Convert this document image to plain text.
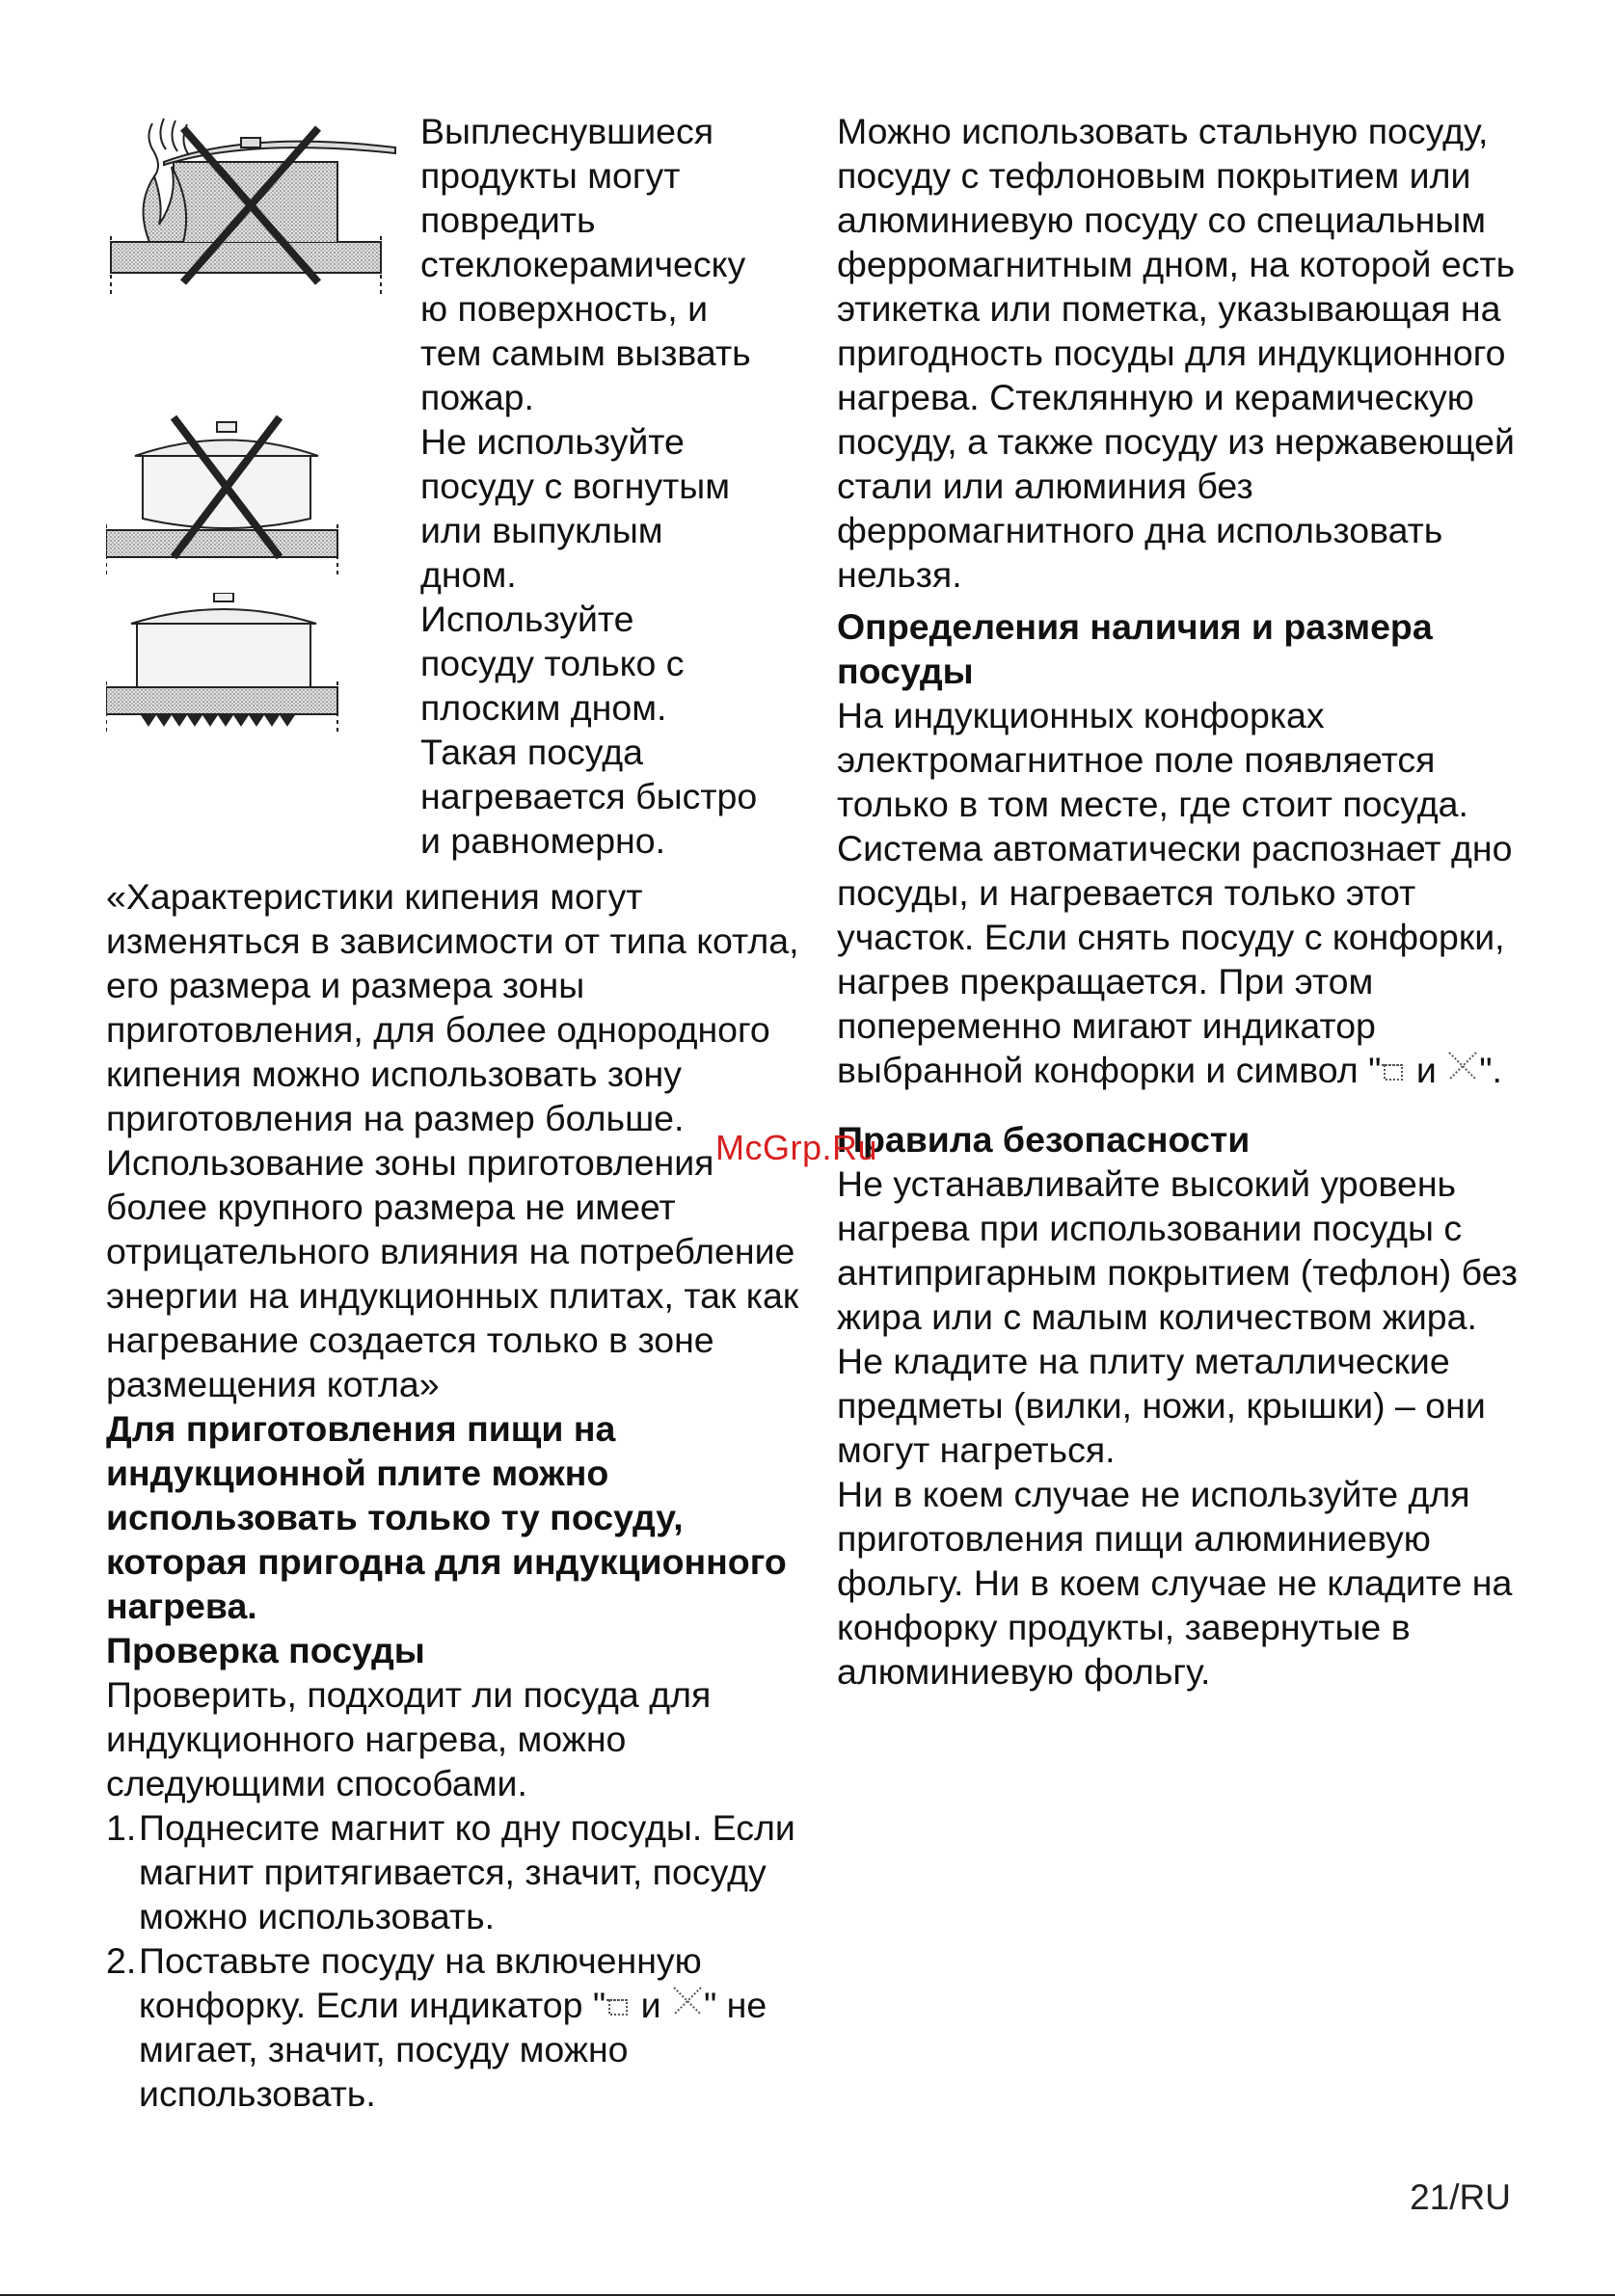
Выплеснувшиеся

продукты могут

повредить

стеклокерамическу

ю поверхность, и

тем самым вызвать

пожар.

Не используйте

посуду с вогнутым

или выпуклым

дном.

Используйте

посуду только с

плоским дном.

Такая посуда

нагревается быстро

и равномерно.

«Характеристики кипения могут изменяться в зависимости от типа котла, его размера и размера зоны приготовления, для более однородного кипения можно использовать зону приготовления на размер больше. Использование зоны приготовления более крупного размера не имеет отрицательного влияния на потребление энергии на индукционных плитах, так как нагревание создается только в зоне размещения котла»

Для приготовления пищи на индукционной плите можно использовать только ту посуду, которая пригодна для индукционного нагрева.

Проверка посуды

Проверить, подходит ли посуда для индукционного нагрева, можно следующими способами.

1. Поднесите магнит ко дну посуды. Если магнит притягивается, значит, посуду можно использовать.
2. Поставьте посуду на включенную конфорку. Если индикатор " и " не мигает, значит, посуду можно использовать.

Можно использовать стальную посуду, посуду с тефлоновым покрытием или алюминиевую посуду со специальным ферромагнитным дном, на которой есть этикетка или пометка, указывающая на пригодность посуды для индукционного нагрева. Стеклянную и керамическую посуду, а также посуду из нержавеющей стали или алюминия без ферромагнитного дна использовать нельзя.

Определения наличия и размера посуды

На индукционных конфорках электромагнитное поле появляется только в том месте, где стоит посуда. Система автоматически распознает дно посуды, и нагревается только этот участок. Если снять посуду с конфорки, нагрев прекращается. При этом попеременно мигают индикатор выбранной конфорки и символ " и ".

Правила безопасности

Не устанавливайте высокий уровень нагрева при использовании посуды с антипригарным покрытием (тефлон) без жира или с малым количеством жира.

Не кладите на плиту металлические предметы (вилки, ножи, крышки) – они могут нагреться.

Ни в коем случае не используйте для приготовления пищи алюминиевую фольгу. Ни в коем случае не кладите на конфорку продукты, завернутые в алюминиевую фольгу.

McGrp.Ru
21/RU
